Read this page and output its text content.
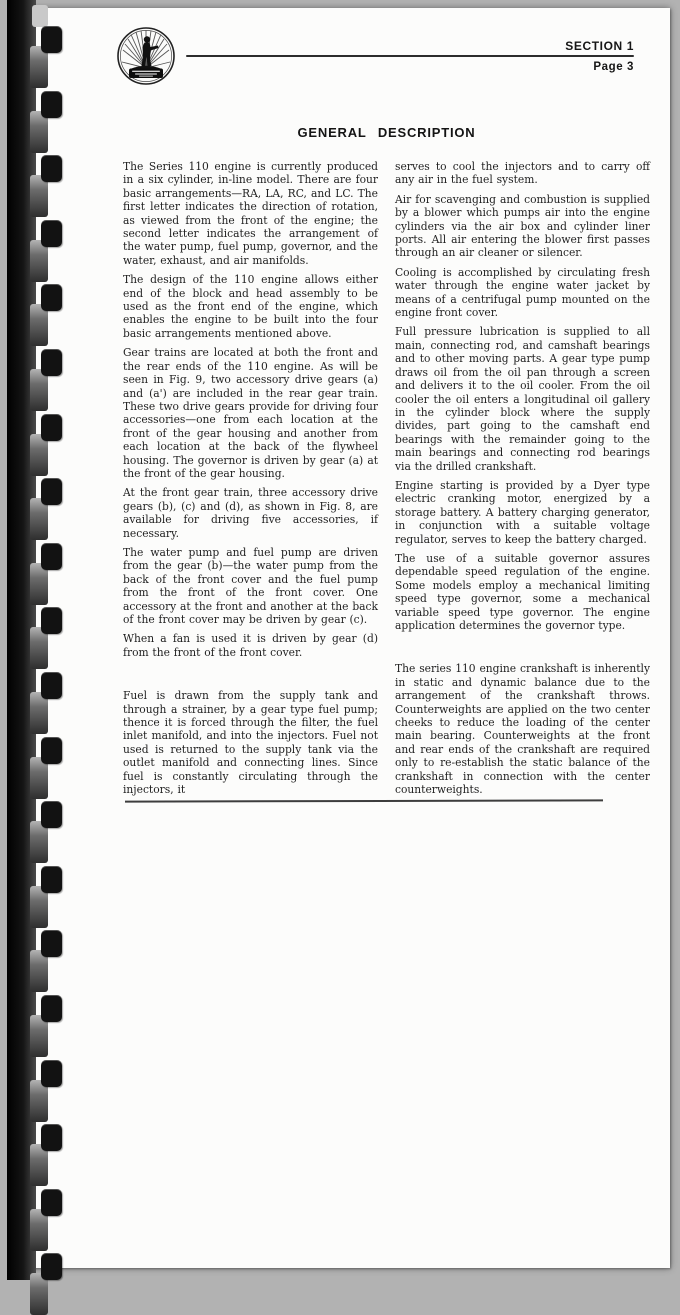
SECTION 1
Page 3
GENERAL DESCRIPTION

The Series 110 engine is currently produced in a six cylinder, in-line model. There are four basic arrangements—RA, LA, RC, and LC. The first letter indicates the direction of rotation, as viewed from the front of the engine; the second letter indicates the arrangement of the water pump, fuel pump, governor, and the water, exhaust, and air manifolds.

The design of the 110 engine allows either end of the block and head assembly to be used as the front end of the engine, which enables the engine to be built into the four basic arrangements mentioned above.

Gear trains are located at both the front and the rear ends of the 110 engine. As will be seen in Fig. 9, two accessory drive gears (a) and (a') are included in the rear gear train. These two drive gears provide for driving four accessories—one from each location at the front of the gear housing and another from each location at the back of the flywheel housing. The governor is driven by gear (a) at the front of the gear housing.

At the front gear train, three accessory drive gears (b), (c) and (d), as shown in Fig. 8, are available for driving five accessories, if necessary.

The water pump and fuel pump are driven from the gear (b)—the water pump from the back of the front cover and the fuel pump from the front of the front cover. One accessory at the front and another at the back of the front cover may be driven by gear (c).

When a fan is used it is driven by gear (d) from the front of the front cover.

Fuel is drawn from the supply tank and through a strainer, by a gear type fuel pump; thence it is forced through the filter, the fuel inlet manifold, and into the injectors. Fuel not used is returned to the supply tank via the outlet manifold and connecting lines. Since fuel is constantly circulating through the injectors, it

serves to cool the injectors and to carry off any air in the fuel system.

Air for scavenging and combustion is supplied by a blower which pumps air into the engine cylinders via the air box and cylinder liner ports. All air entering the blower first passes through an air cleaner or silencer.

Cooling is accomplished by circulating fresh water through the engine water jacket by means of a centrifugal pump mounted on the engine front cover.

Full pressure lubrication is supplied to all main, connecting rod, and camshaft bearings and to other moving parts. A gear type pump draws oil from the oil pan through a screen and delivers it to the oil cooler. From the oil cooler the oil enters a longitudinal oil gallery in the cylinder block where the supply divides, part going to the camshaft end bearings with the remainder going to the main bearings and connecting rod bearings via the drilled crankshaft.

Engine starting is provided by a Dyer type electric cranking motor, energized by a storage battery. A battery charging generator, in conjunction with a suitable voltage regulator, serves to keep the battery charged.

The use of a suitable governor assures dependable speed regulation of the engine. Some models employ a mechanical limiting speed type governor, some a mechanical variable speed type governor. The engine application determines the governor type.

The series 110 engine crankshaft is inherently in static and dynamic balance due to the arrangement of the crankshaft throws. Counterweights are applied on the two center cheeks to reduce the loading of the center main bearing. Counterweights at the front and rear ends of the crankshaft are required only to re-establish the static balance of the crankshaft in connection with the center counterweights.
